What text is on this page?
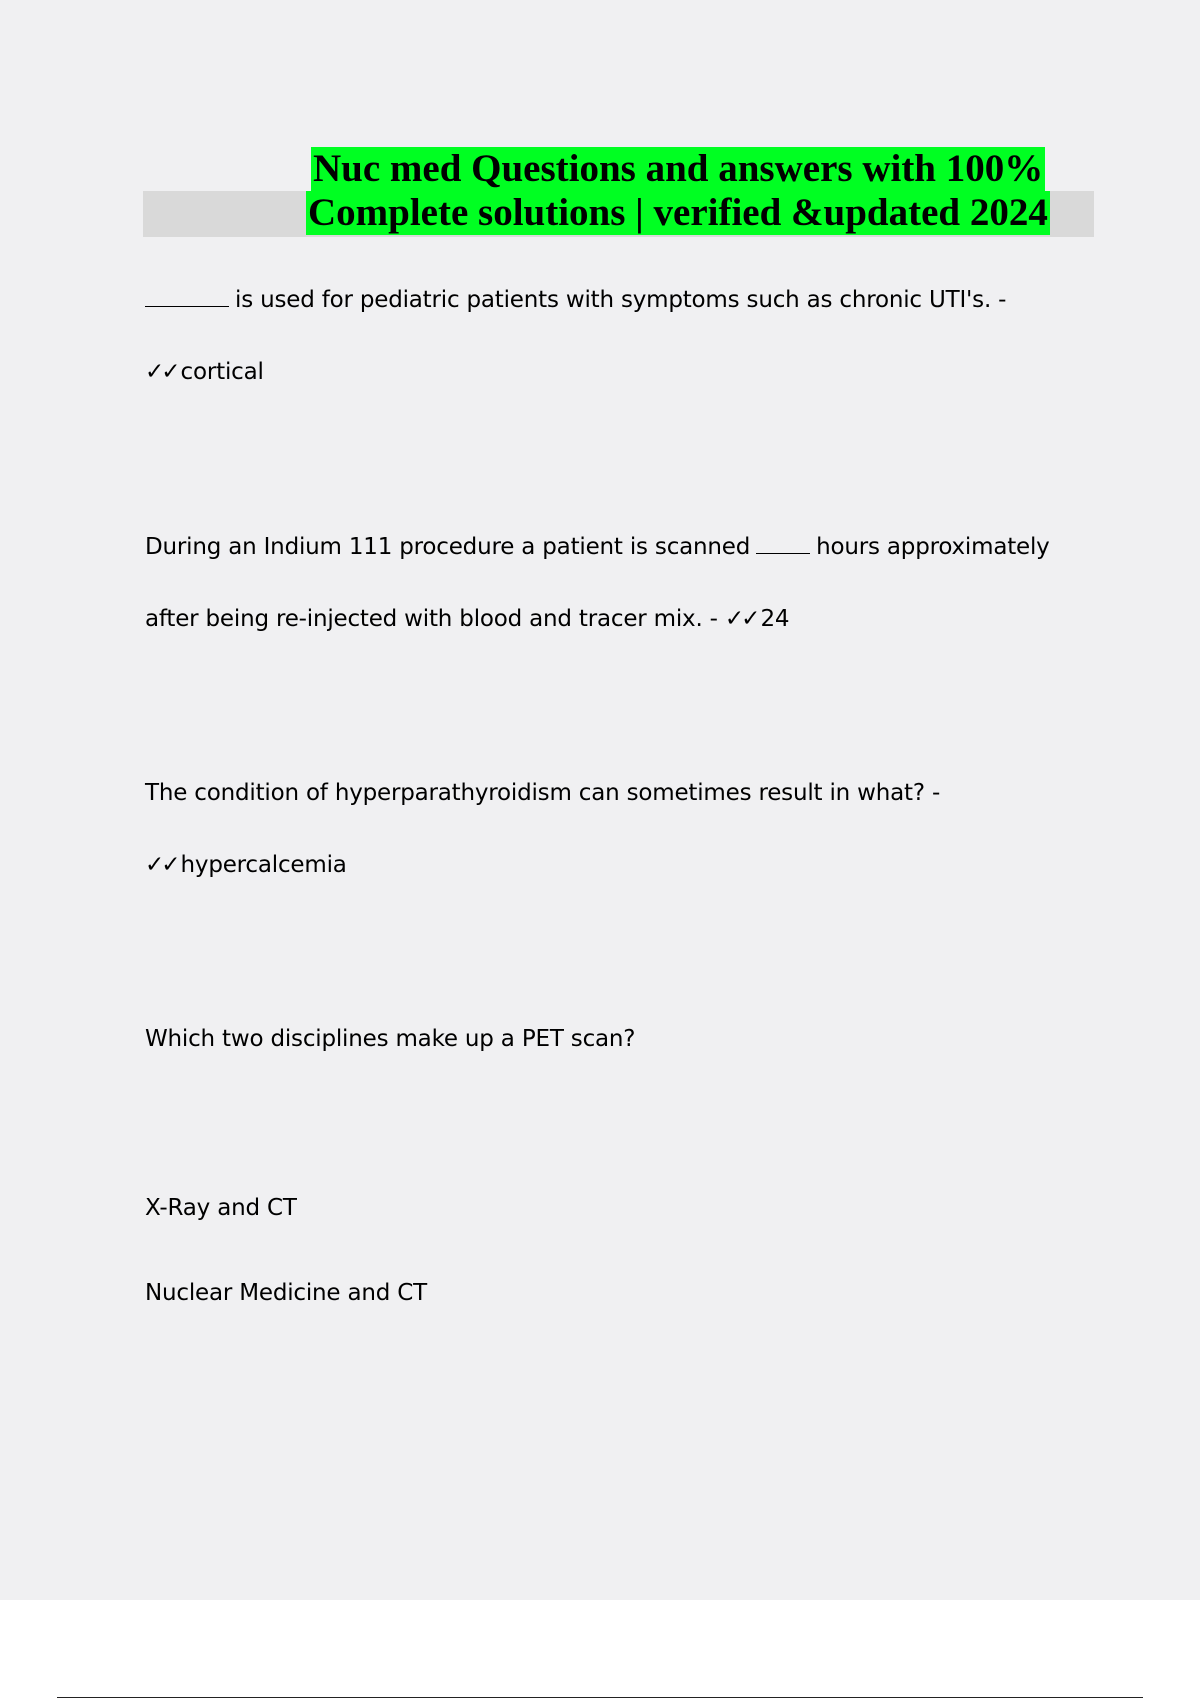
Nuc med Questions and answers with 100%
Complete solutions | verified &updated 2024
is used for pediatric patients with symptoms such as chronic UTI's. -
✓✓ cortical
During an Indium 111 procedure a patient is scanned	hours approximately
after being re-injected with blood and tracer mix. - ✓✓ 24
The condition of hyperparathyroidism can sometimes result in what? -
✓✓ hypercalcemia
Which two disciplines make up a PET scan?
X-Ray and CT
Nuclear Medicine and CT
